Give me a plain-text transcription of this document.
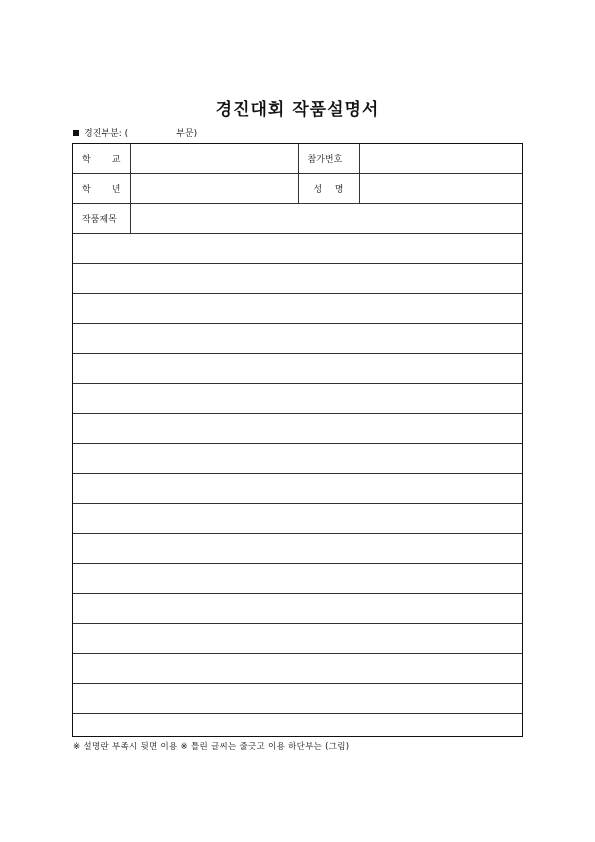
경진대회 작품설명서
경진부분: (	부문)
학 교		참가번호	

학 년		성 명	

작품제목			

※ 설명란 부족시 뒷면 이용 ※ 틀린 글씨는 줄긋고 이용 하단부는 (그림)
